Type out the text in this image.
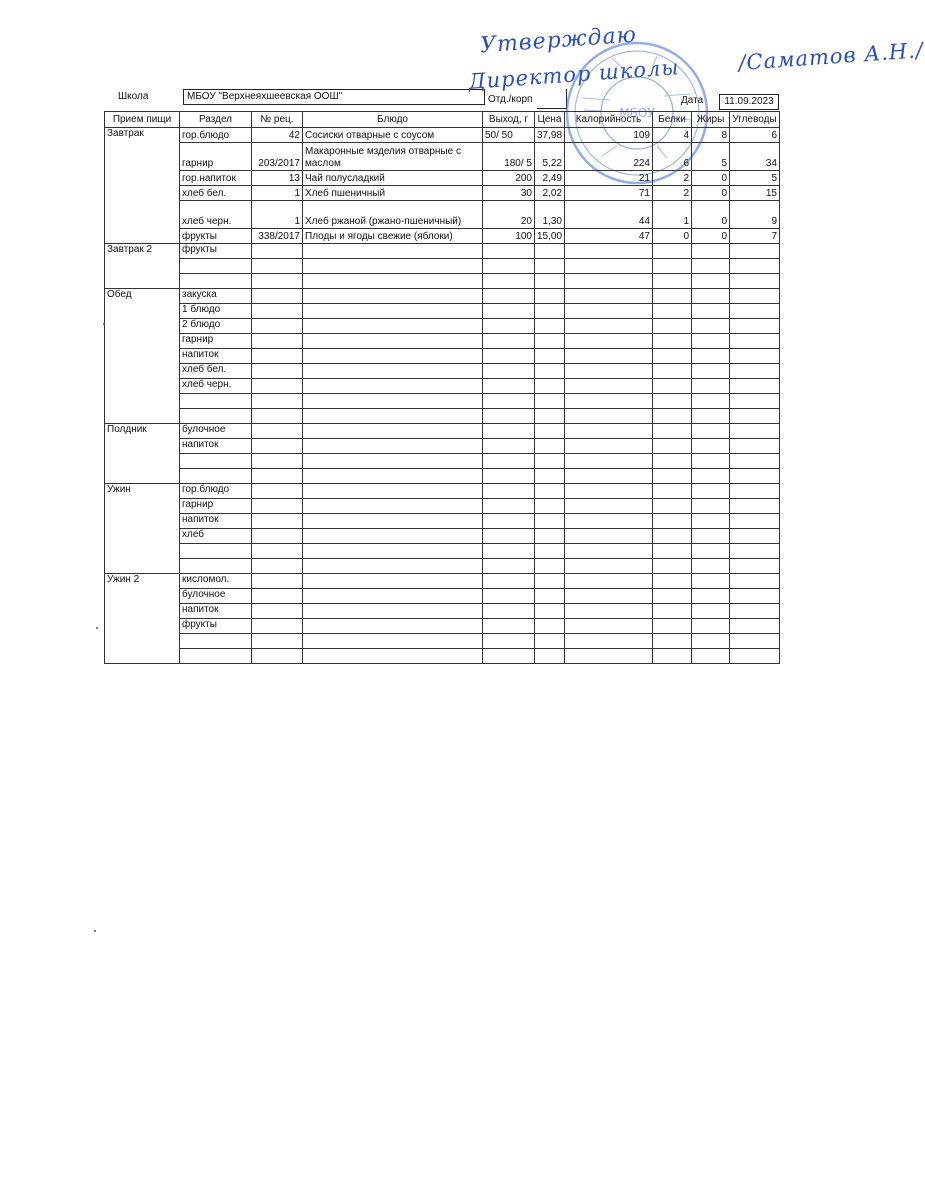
Школа	МБОУ "Верхнеяхшеевская ООШ"	Отд./корп	Дата	11.09.2023
МБОУ
Утверждаю
Директор школы	/Саматов А.Н./
Прием пищи	Раздел	№ рец.	Блюдо	Выход, г	Цена	Калорийность	Белки	Жиры	Углеводы
Завтрак	гор.блюдо	42	Сосиски отварные с соусом	50/ 50	37,98	109	4	8	6
	гарнир	203/2017	Макаронные мзделия отварные с маслом	180/ 5	5,22	224	6	5	34
	гор.напиток	13	Чай полусладкий	200	2,49	21	2	0	5
	хлеб бел.	1	Хлеб пшеничный	30	2,02	71	2	0	15
	хлеб черн.	1	Хлеб ржаной (ржано-пшеничный)	20	1,30	44	1	0	9
	фрукты	338/2017	Плоды и ягоды свежие (яблоки)	100	15,00	47	0	0	7
Завтрак 2	фрукты								

Обед	закуска								
	1 блюдо								
	2 блюдо								
	гарнир								
	напиток								
	хлеб бел.								
	хлеб черн.								

Полдник	булочное								
	напиток								

Ужин	гор.блюдо								
	гарнир								
	напиток								
	хлеб								

Ужин 2	кисломол.								
	булочное								
	напиток								
	фрукты								
